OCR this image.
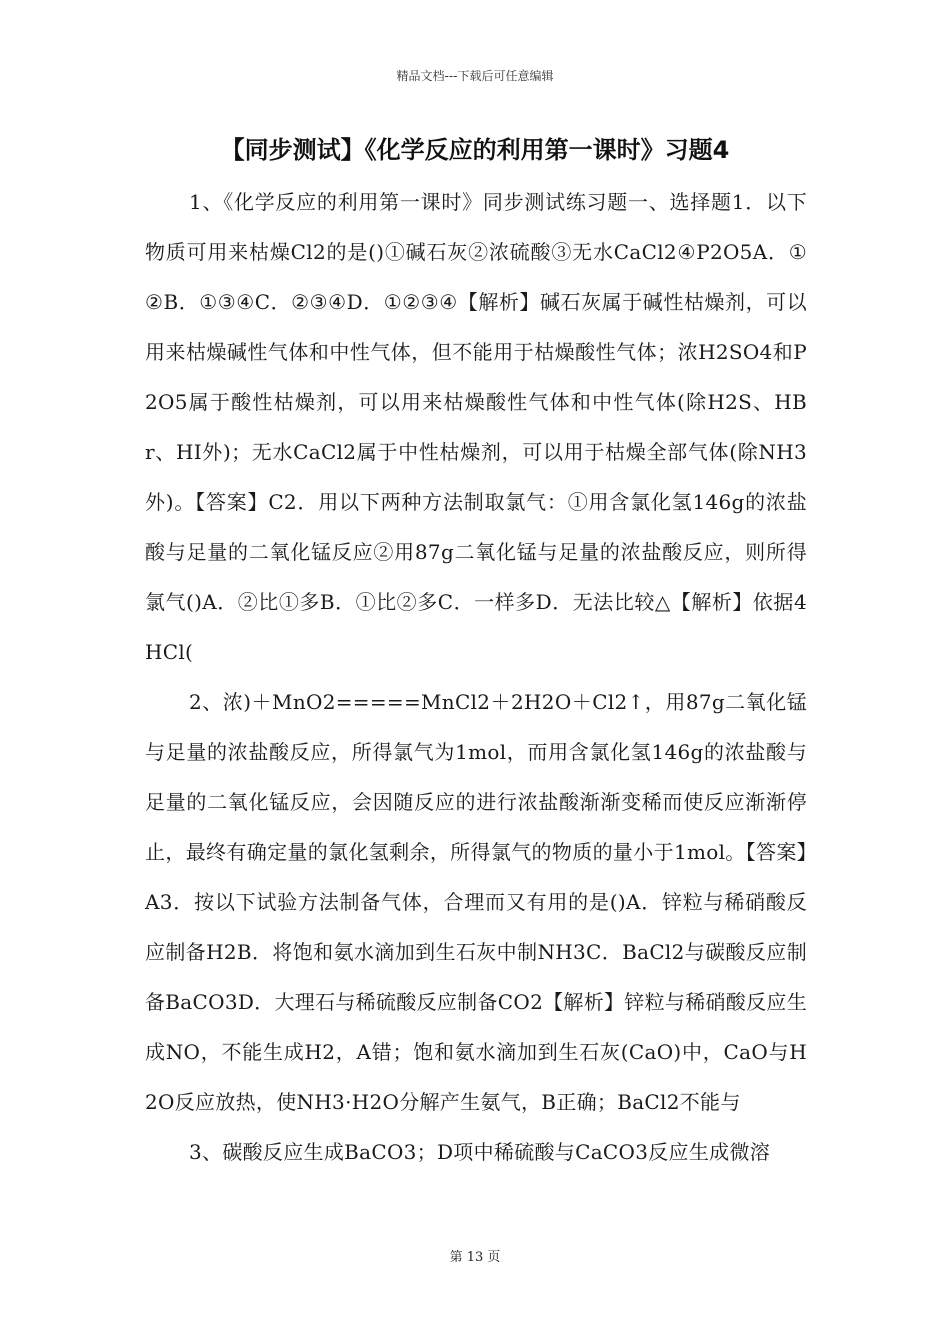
精品文档---下载后可任意编辑
【同步测试】《化学反应的利用第一课时》习题4

1、《化学反应的利用第一课时》同步测试练习题一、选择题1．以下物质可用来枯燥Cl2的是()①碱石灰②浓硫酸③无水CaCl2④P2O5A．①②B．①③④C．②③④D．①②③④【解析】碱石灰属于碱性枯燥剂，可以用来枯燥碱性气体和中性气体，但不能用于枯燥酸性气体；浓H2SO4和P2O5属于酸性枯燥剂，可以用来枯燥酸性气体和中性气体(除H2S、HBr、HI外)；无水CaCl2属于中性枯燥剂，可以用于枯燥全部气体(除NH3外)。【答案】C2．用以下两种方法制取氯气：①用含氯化氢146g的浓盐酸与足量的二氧化锰反应②用87g二氧化锰与足量的浓盐酸反应，则所得氯气()A．②比①多B．①比②多C．一样多D．无法比较△【解析】依据4HCl(

2、浓)＋MnO2=====MnCl2＋2H2O＋Cl2↑，用87g二氧化锰与足量的浓盐酸反应，所得氯气为1mol，而用含氯化氢146g的浓盐酸与足量的二氧化锰反应，会因随反应的进行浓盐酸渐渐变稀而使反应渐渐停止，最终有确定量的氯化氢剩余，所得氯气的物质的量小于1mol。【答案】A3．按以下试验方法制备气体，合理而又有用的是()A．锌粒与稀硝酸反应制备H2B．将饱和氨水滴加到生石灰中制NH3C．BaCl2与碳酸反应制备BaCO3D．大理石与稀硫酸反应制备CO2【解析】锌粒与稀硝酸反应生成NO，不能生成H2，A错；饱和氨水滴加到生石灰(CaO)中，CaO与H2O反应放热，使NH3·H2O分解产生氨气，B正确；BaCl2不能与

3、碳酸反应生成BaCO3；D项中稀硫酸与CaCO3反应生成微溶

第 13 页
